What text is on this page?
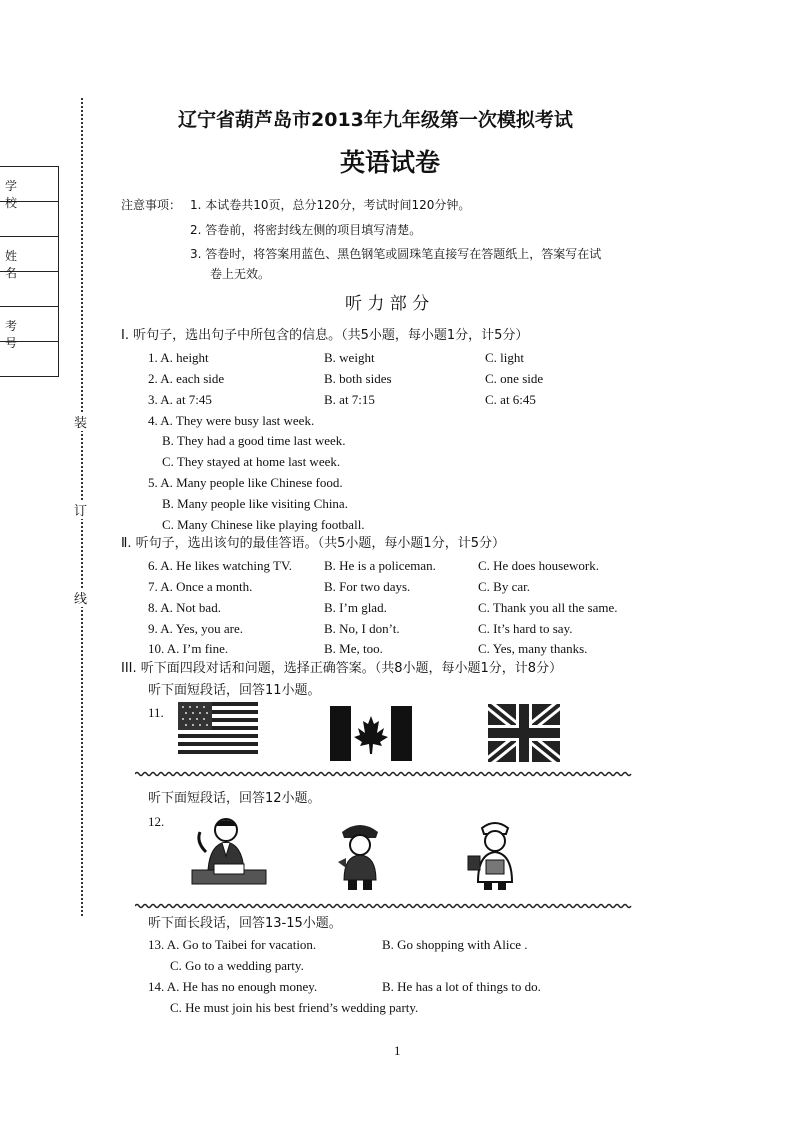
装
订
线
学 校
姓 名
考 号
辽宁省葫芦岛市2013年九年级第一次模拟考试
英语试卷
注意事项： 1. 本试卷共10页，总分120分，考试时间120分钟。
2. 答卷前，将密封线左侧的项目填写清楚。
3. 答卷时，将答案用蓝色、黑色钢笔或圆珠笔直接写在答题纸上，答案写在试
卷上无效。
听 力 部 分
Ⅰ. 听句子，选出句子中所包含的信息。（共5小题，每小题1分，计5分）
1. A. height	B. weight	C. light
2. A. each side	B. both sides	C. one side
3. A. at 7:45	B. at 7:15	C. at 6:45
4. A. They were busy last week.
B. They had a good time last week.
C. They stayed at home last week.
5. A. Many people like Chinese food.
B. Many people like visiting China.
C. Many Chinese like playing football.
Ⅱ. 听句子，选出该句的最佳答语。（共5小题，每小题1分，计5分）
6. A. He likes watching TV. B. He is a policeman.	C. He does housework.
7. A. Once a month.	B. For two days.	C. By car.
8. A. Not bad.	B. I’m glad.	C. Thank you all the same.
9. A. Yes, you are.	B. No, I don’t.	C. It’s hard to say.
10. A. I’m fine.	B. Me, too.	C. Yes, many thanks.
III. 听下面四段对话和问题，选择正确答案。（共8小题，每小题1分，计8分）
听下面短段话，回答11小题。
11.
听下面短段话，回答12小题。
12.
听下面长段话，回答13-15小题。
13. A. Go to Taibei for vacation.	B. Go shopping with Alice .
C. Go to a wedding party.
14. A. He has no enough money.	B. He has a lot of things to do.
C. He must join his best friend’s wedding party.
1
